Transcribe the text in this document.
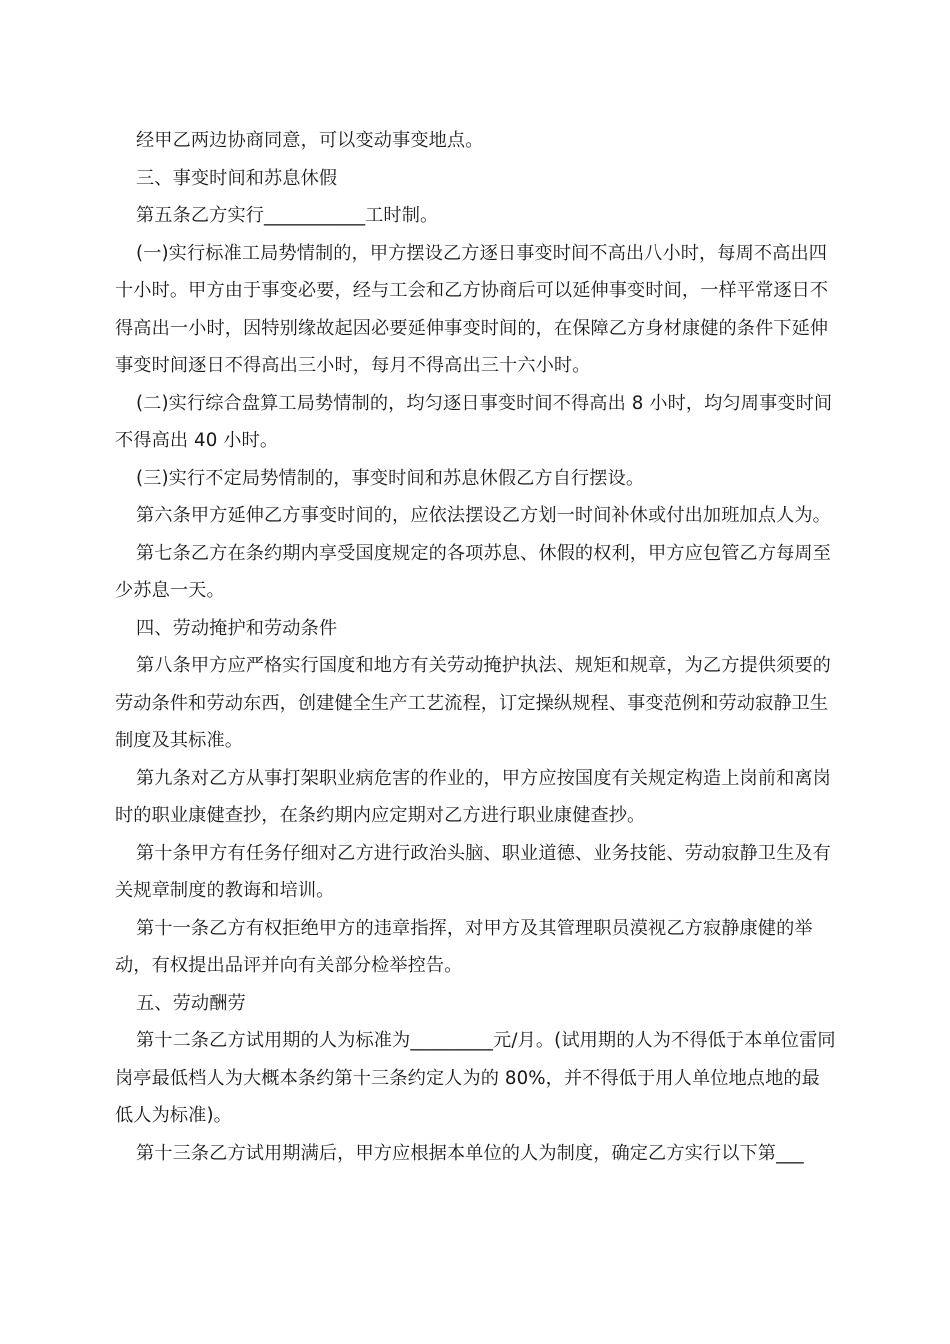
经甲乙两边协商同意，可以变动事变地点。

三、事变时间和苏息休假

第五条乙方实行___________工时制。

(一)实行标准工局势情制的，甲方摆设乙方逐日事变时间不高出八小时，每周不高出四十小时。甲方由于事变必要，经与工会和乙方协商后可以延伸事变时间，一样平常逐日不得高出一小时，因特别缘故起因必要延伸事变时间的，在保障乙方身材康健的条件下延伸事变时间逐日不得高出三小时，每月不得高出三十六小时。

(二)实行综合盘算工局势情制的，均匀逐日事变时间不得高出 8 小时，均匀周事变时间不得高出 40 小时。

(三)实行不定局势情制的，事变时间和苏息休假乙方自行摆设。

第六条甲方延伸乙方事变时间的，应依法摆设乙方划一时间补休或付出加班加点人为。

第七条乙方在条约期内享受国度规定的各项苏息、休假的权利，甲方应包管乙方每周至少苏息一天。

四、劳动掩护和劳动条件

第八条甲方应严格实行国度和地方有关劳动掩护执法、规矩和规章，为乙方提供须要的劳动条件和劳动东西，创建健全生产工艺流程，订定操纵规程、事变范例和劳动寂静卫生制度及其标准。

第九条对乙方从事打架职业病危害的作业的，甲方应按国度有关规定构造上岗前和离岗时的职业康健查抄，在条约期内应定期对乙方进行职业康健查抄。

第十条甲方有任务仔细对乙方进行政治头脑、职业道德、业务技能、劳动寂静卫生及有关规章制度的教诲和培训。

第十一条乙方有权拒绝甲方的违章指挥，对甲方及其管理职员漠视乙方寂静康健的举动，有权提出品评并向有关部分检举控告。

五、劳动酬劳

第十二条乙方试用期的人为标准为_________元/月。(试用期的人为不得低于本单位雷同岗亭最低档人为大概本条约第十三条约定人为的 80%，并不得低于用人单位地点地的最低人为标准)。

第十三条乙方试用期满后，甲方应根据本单位的人为制度，确定乙方实行以下第___
